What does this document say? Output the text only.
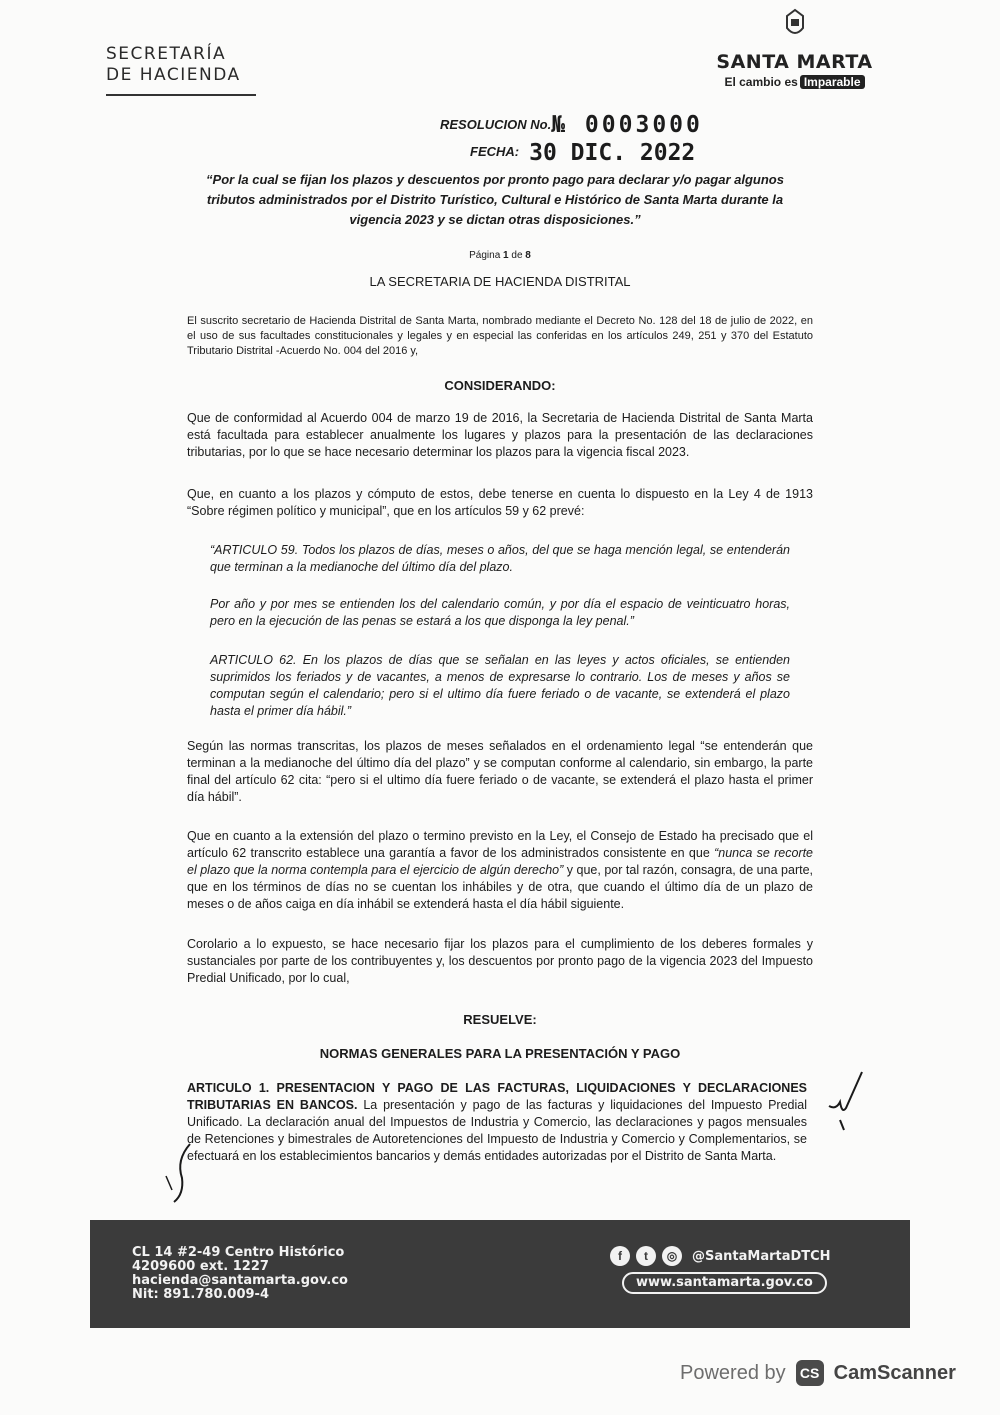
SECRETARÍA
DE HACIENDA
SANTA MARTA
El cambio es Imparable
RESOLUCION No.№ 0003000
FECHA: 30 DIC. 2022
“Por la cual se fijan los plazos y descuentos por pronto pago para declarar y/o pagar algunos tributos administrados por el Distrito Turístico, Cultural e Histórico de Santa Marta durante la vigencia 2023 y se dictan otras disposiciones.”
Página 1 de 8
LA SECRETARIA DE HACIENDA DISTRITAL
El suscrito secretario de Hacienda Distrital de Santa Marta, nombrado mediante el Decreto No. 128 del 18 de julio de 2022, en el uso de sus facultades constitucionales y legales y en especial las conferidas en los artículos 249, 251 y 370 del Estatuto Tributario Distrital -Acuerdo No. 004 del 2016 y,
CONSIDERANDO:
Que de conformidad al Acuerdo 004 de marzo 19 de 2016, la Secretaria de Hacienda Distrital de Santa Marta está facultada para establecer anualmente los lugares y plazos para la presentación de las declaraciones tributarias, por lo que se hace necesario determinar los plazos para la vigencia fiscal 2023.
Que, en cuanto a los plazos y cómputo de estos, debe tenerse en cuenta lo dispuesto en la Ley 4 de 1913 “Sobre régimen político y municipal”, que en los artículos 59 y 62 prevé:
“ARTICULO 59. Todos los plazos de días, meses o años, del que se haga mención legal, se entenderán que terminan a la medianoche del último día del plazo.
Por año y por mes se entienden los del calendario común, y por día el espacio de veinticuatro horas, pero en la ejecución de las penas se estará a los que disponga la ley penal.”
ARTICULO 62. En los plazos de días que se señalan en las leyes y actos oficiales, se entienden suprimidos los feriados y de vacantes, a menos de expresarse lo contrario. Los de meses y años se computan según el calendario; pero si el ultimo día fuere feriado o de vacante, se extenderá el plazo hasta el primer día hábil.”
Según las normas transcritas, los plazos de meses señalados en el ordenamiento legal “se entenderán que terminan a la medianoche del último día del plazo” y se computan conforme al calendario, sin embargo, la parte final del artículo 62 cita: “pero si el ultimo día fuere feriado o de vacante, se extenderá el plazo hasta el primer día hábil”.
Que en cuanto a la extensión del plazo o termino previsto en la Ley, el Consejo de Estado ha precisado que el artículo 62 transcrito establece una garantía a favor de los administrados consistente en que “nunca se recorte el plazo que la norma contempla para el ejercicio de algún derecho” y que, por tal razón, consagra, de una parte, que en los términos de días no se cuentan los inhábiles y de otra, que cuando el último día de un plazo de meses o de años caiga en día inhábil se extenderá hasta el día hábil siguiente.
Corolario a lo expuesto, se hace necesario fijar los plazos para el cumplimiento de los deberes formales y sustanciales por parte de los contribuyentes y, los descuentos por pronto pago de la vigencia 2023 del Impuesto Predial Unificado, por lo cual,
RESUELVE:
NORMAS GENERALES PARA LA PRESENTACIÓN Y PAGO
ARTICULO 1. PRESENTACION Y PAGO DE LAS FACTURAS, LIQUIDACIONES Y DECLARACIONES TRIBUTARIAS EN BANCOS. La presentación y pago de las facturas y liquidaciones del Impuesto Predial Unificado. La declaración anual del Impuestos de Industria y Comercio, las declaraciones y pagos mensuales de Retenciones y bimestrales de Autoretenciones del Impuesto de Industria y Comercio y Complementarios, se efectuará en los establecimientos bancarios y demás entidades autorizadas por el Distrito de Santa Marta.
CL 14 #2-49 Centro Histórico
4209600 ext. 1227
hacienda@santamarta.gov.co
Nit: 891.780.009-4
f	t	◎	@SantaMartaDTCH
www.santamarta.gov.co
Powered by	CS CamScanner
